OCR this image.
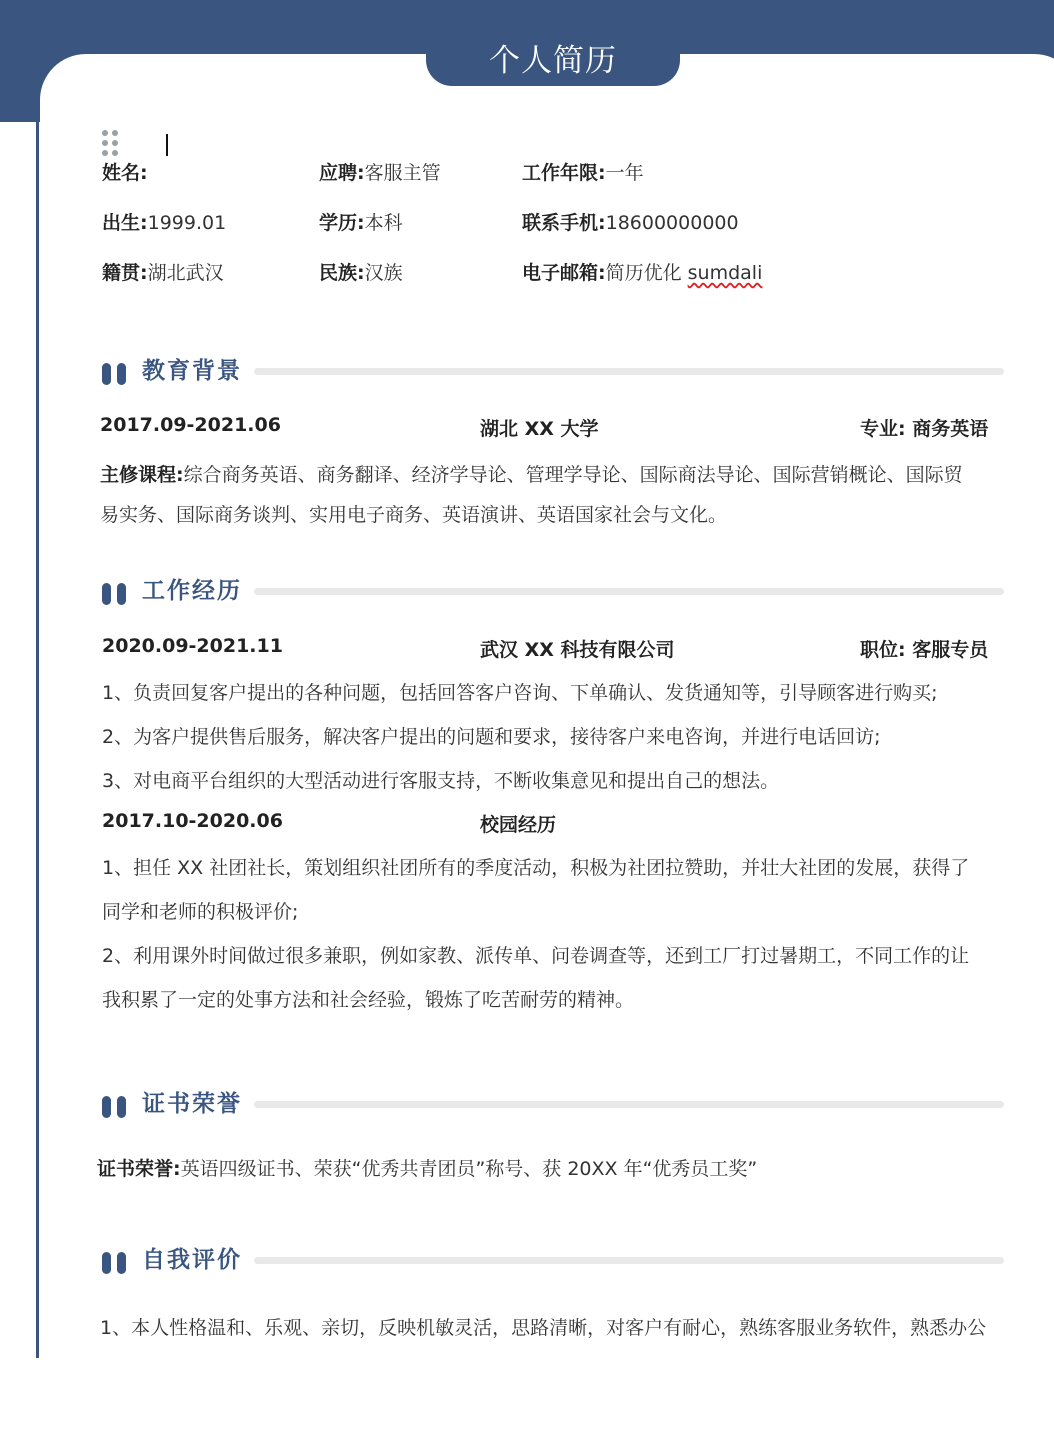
个人简历
姓名:	应聘:客服主管	工作年限:一年
出生:1999.01	学历:本科	联系手机:18600000000
籍贯:湖北武汉	民族:汉族	电子邮箱:简历优化 sumdali
教育背景
2017.09-2021.06	湖北 XX 大学	专业: 商务英语
主修课程:综合商务英语、商务翻译、经济学导论、管理学导论、国际商法导论、国际营销概论、国际贸
易实务、国际商务谈判、实用电子商务、英语演讲、英语国家社会与文化。
工作经历
2020.09-2021.11	武汉 XX 科技有限公司	职位: 客服专员
1、负责回复客户提出的各种问题，包括回答客户咨询、下单确认、发货通知等，引导顾客进行购买;
2、为客户提供售后服务，解决客户提出的问题和要求，接待客户来电咨询，并进行电话回访;
3、对电商平台组织的大型活动进行客服支持，不断收集意见和提出自己的想法。
2017.10-2020.06	校园经历
1、担任 XX 社团社长，策划组织社团所有的季度活动，积极为社团拉赞助，并壮大社团的发展，获得了
同学和老师的积极评价;
2、利用课外时间做过很多兼职，例如家教、派传单、问卷调查等，还到工厂打过暑期工，不同工作的让
我积累了一定的处事方法和社会经验，锻炼了吃苦耐劳的精神。
证书荣誉
证书荣誉:英语四级证书、荣获“优秀共青团员”称号、获 20XX 年“优秀员工奖”
自我评价
1、本人性格温和、乐观、亲切，反映机敏灵活，思路清晰，对客户有耐心，熟练客服业务软件，熟悉办公
